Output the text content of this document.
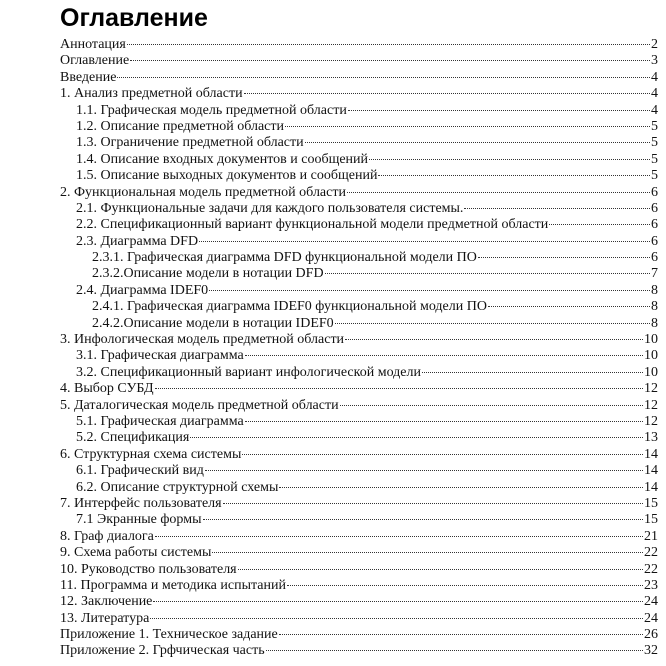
Оглавление
Аннотация	2
Оглавление	3
Введение	4
1. Анализ предметной области	4
1.1. Графическая модель предметной области	4
1.2. Описание предметной области	5
1.3. Ограничение предметной области	5
1.4. Описание входных документов и сообщений	5
1.5. Описание выходных документов и сообщений	5
2. Функциональная модель предметной области	6
2.1. Функциональные задачи для каждого пользователя системы.	6
2.2. Спецификационный вариант функциональной модели предметной области	6
2.3. Диаграмма DFD	6
2.3.1. Графическая диаграмма DFD функциональной модели ПО	6
2.3.2.Описание модели в нотации DFD	7
2.4. Диаграмма IDEF0	8
2.4.1. Графическая диаграмма IDEF0 функциональной модели ПО	8
2.4.2.Описание модели в нотации IDEF0	8
3. Инфологическая модель предметной области	10
3.1. Графическая диаграмма	10
3.2. Спецификационный вариант инфологической модели	10
4. Выбор СУБД	12
5. Даталогическая модель предметной области	12
5.1. Графическая диаграмма	12
5.2. Спецификация	13
6. Структурная схема системы	14
6.1. Графический вид	14
6.2. Описание структурной схемы	14
7. Интерфейс пользователя	15
7.1 Экранные формы	15
8. Граф диалога	21
9. Схема работы системы	22
10. Руководство пользователя	22
11. Программа и методика испытаний	23
12. Заключение	24
13. Литература	24
Приложение 1. Техническое задание	26
Приложение 2. Грфчическая часть	32
